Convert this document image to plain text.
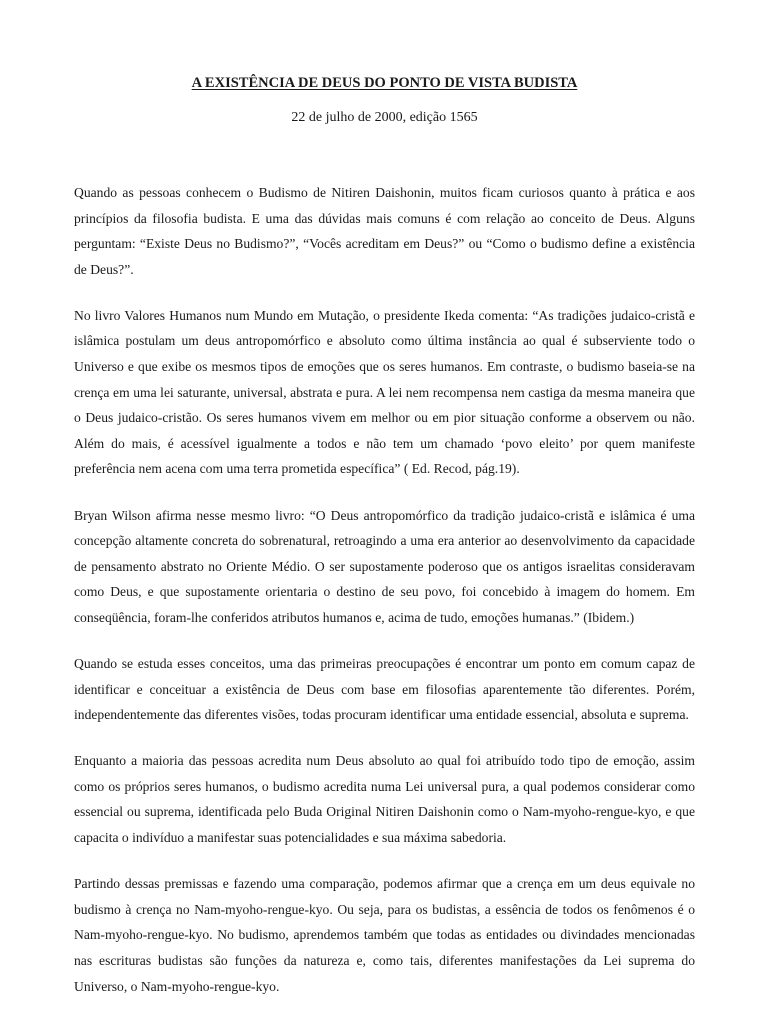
A EXISTÊNCIA DE DEUS DO PONTO DE VISTA BUDISTA
22 de julho de 2000, edição 1565

Quando as pessoas conhecem o Budismo de Nitiren Daishonin, muitos ficam curiosos quanto à prática e aos princípios da filosofia budista. E uma das dúvidas mais comuns é com relação ao conceito de Deus. Alguns perguntam: “Existe Deus no Budismo?”, “Vocês acreditam em Deus?” ou “Como o budismo define a existência de Deus?”.

No livro Valores Humanos num Mundo em Mutação, o presidente Ikeda comenta: “As tradições judaico-cristã e islâmica postulam um deus antropomórfico e absoluto como última instância ao qual é subserviente todo o Universo e que exibe os mesmos tipos de emoções que os seres humanos. Em contraste, o budismo baseia-se na crença em uma lei saturante, universal, abstrata e pura. A lei nem recompensa nem castiga da mesma maneira que o Deus judaico-cristão. Os seres humanos vivem em melhor ou em pior situação conforme a observem ou não. Além do mais, é acessível igualmente a todos e não tem um chamado ‘povo eleito’ por quem manifeste preferência nem acena com uma terra prometida específica” ( Ed. Recod, pág.19).

Bryan Wilson afirma nesse mesmo livro: “O Deus antropomórfico da tradição judaico-cristã e islâmica é uma concepção altamente concreta do sobrenatural, retroagindo a uma era anterior ao desenvolvimento da capacidade de pensamento abstrato no Oriente Médio. O ser supostamente poderoso que os antigos israelitas consideravam como Deus, e que supostamente orientaria o destino de seu povo, foi concebido à imagem do homem. Em conseqüência, foram-lhe conferidos atributos humanos e, acima de tudo, emoções humanas.” (Ibidem.)

Quando se estuda esses conceitos, uma das primeiras preocupações é encontrar um ponto em comum capaz de identificar e conceituar a existência de Deus com base em filosofias aparentemente tão diferentes. Porém, independentemente das diferentes visões, todas procuram identificar uma entidade essencial, absoluta e suprema.

Enquanto a maioria das pessoas acredita num Deus absoluto ao qual foi atribuído todo tipo de emoção, assim como os próprios seres humanos, o budismo acredita numa Lei universal pura, a qual podemos considerar como essencial ou suprema, identificada pelo Buda Original Nitiren Daishonin como o Nam-myoho-rengue-kyo, e que capacita o indivíduo a manifestar suas potencialidades e sua máxima sabedoria.

Partindo dessas premissas e fazendo uma comparação, podemos afirmar que a crença em um deus equivale no budismo à crença no Nam-myoho-rengue-kyo. Ou seja, para os budistas, a essência de todos os fenômenos é o Nam-myoho-rengue-kyo. No budismo, aprendemos também que todas as entidades ou divindades mencionadas nas escrituras budistas são funções da natureza e, como tais, diferentes manifestações da Lei suprema do Universo, o Nam-myoho-rengue-kyo.
